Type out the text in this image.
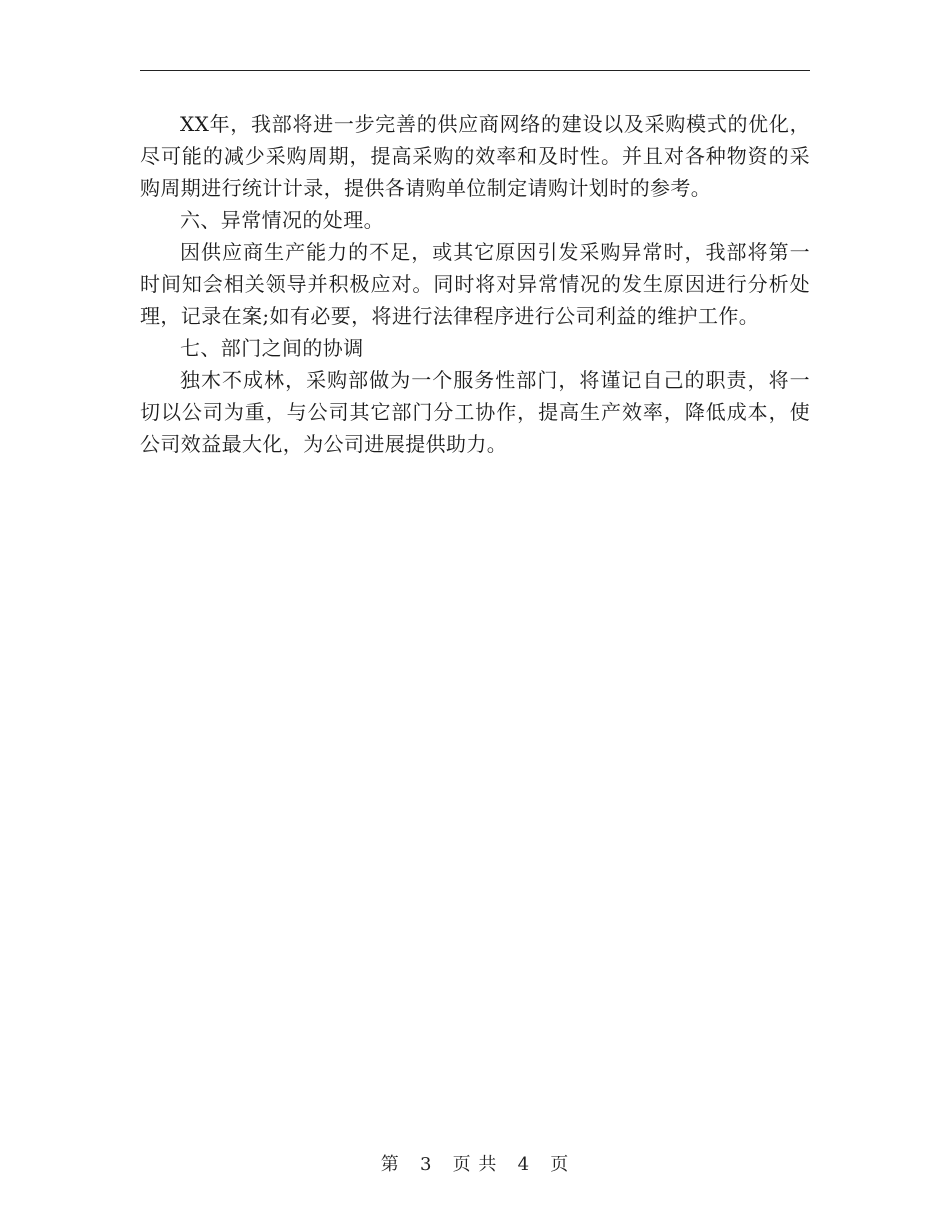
XX年，我部将进一步完善的供应商网络的建设以及采购模式的优化，尽可能的减少采购周期，提高采购的效率和及时性。并且对各种物资的采购周期进行统计计录，提供各请购单位制定请购计划时的参考。

六、异常情况的处理。

因供应商生产能力的不足，或其它原因引发采购异常时，我部将第一时间知会相关领导并积极应对。同时将对异常情况的发生原因进行分析处理，记录在案;如有必要，将进行法律程序进行公司利益的维护工作。

七、部门之间的协调

独木不成林，采购部做为一个服务性部门，将谨记自己的职责，将一切以公司为重，与公司其它部门分工协作，提高生产效率，降低成本，使公司效益最大化，为公司进展提供助力。

第 3 页 共 4 页
